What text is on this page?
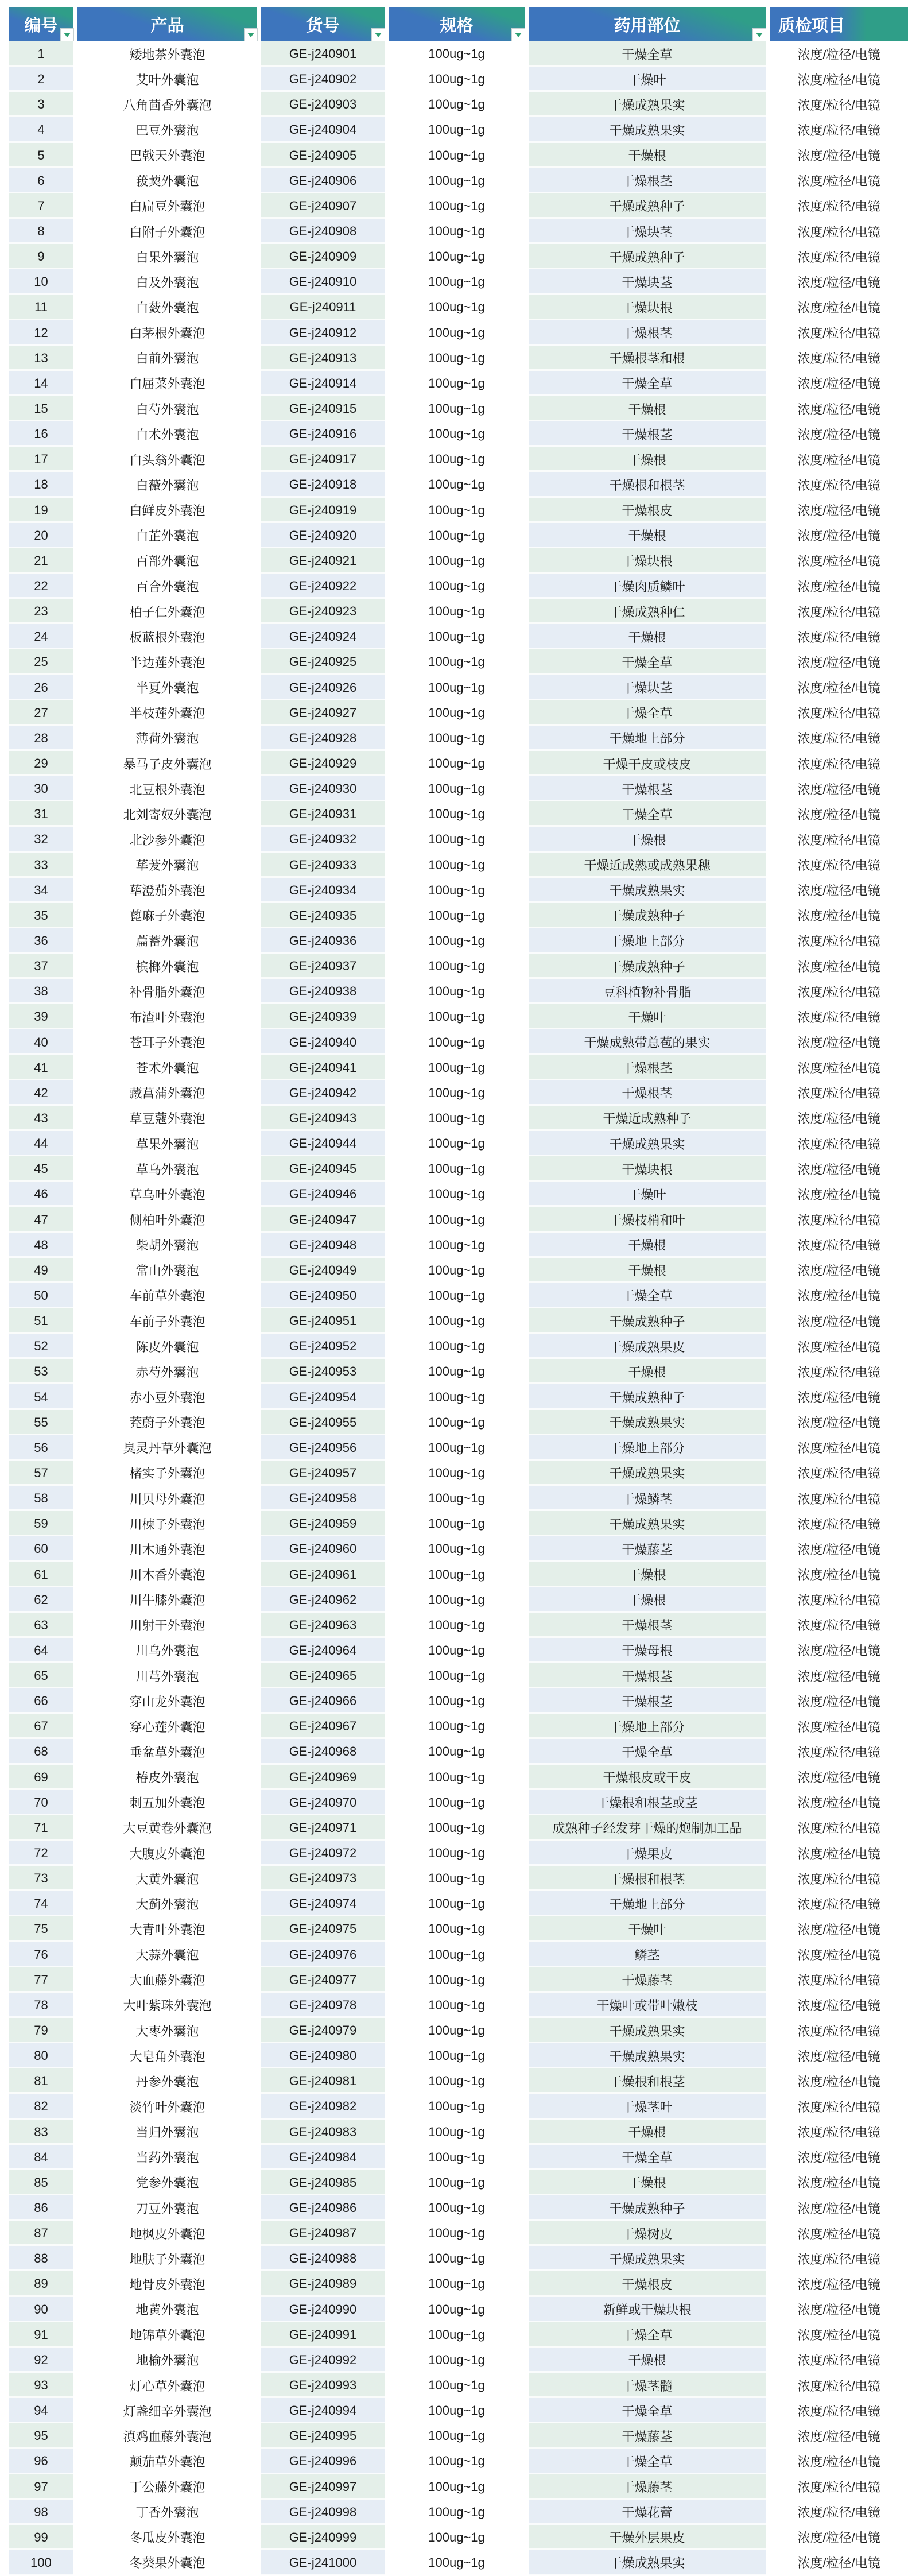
编号	产品	货号	规格	药用部位	质检项目
1	矮地茶外囊泡	GE-j240901	100ug~1g	干燥全草	浓度/粒径/电镜
2	艾叶外囊泡	GE-j240902	100ug~1g	干燥叶	浓度/粒径/电镜
3	八角茴香外囊泡	GE-j240903	100ug~1g	干燥成熟果实	浓度/粒径/电镜
4	巴豆外囊泡	GE-j240904	100ug~1g	干燥成熟果实	浓度/粒径/电镜
5	巴戟天外囊泡	GE-j240905	100ug~1g	干燥根	浓度/粒径/电镜
6	菝葜外囊泡	GE-j240906	100ug~1g	干燥根茎	浓度/粒径/电镜
7	白扁豆外囊泡	GE-j240907	100ug~1g	干燥成熟种子	浓度/粒径/电镜
8	白附子外囊泡	GE-j240908	100ug~1g	干燥块茎	浓度/粒径/电镜
9	白果外囊泡	GE-j240909	100ug~1g	干燥成熟种子	浓度/粒径/电镜
10	白及外囊泡	GE-j240910	100ug~1g	干燥块茎	浓度/粒径/电镜
11	白蔹外囊泡	GE-j240911	100ug~1g	干燥块根	浓度/粒径/电镜
12	白茅根外囊泡	GE-j240912	100ug~1g	干燥根茎	浓度/粒径/电镜
13	白前外囊泡	GE-j240913	100ug~1g	干燥根茎和根	浓度/粒径/电镜
14	白屈菜外囊泡	GE-j240914	100ug~1g	干燥全草	浓度/粒径/电镜
15	白芍外囊泡	GE-j240915	100ug~1g	干燥根	浓度/粒径/电镜
16	白术外囊泡	GE-j240916	100ug~1g	干燥根茎	浓度/粒径/电镜
17	白头翁外囊泡	GE-j240917	100ug~1g	干燥根	浓度/粒径/电镜
18	白薇外囊泡	GE-j240918	100ug~1g	干燥根和根茎	浓度/粒径/电镜
19	白鲜皮外囊泡	GE-j240919	100ug~1g	干燥根皮	浓度/粒径/电镜
20	白芷外囊泡	GE-j240920	100ug~1g	干燥根	浓度/粒径/电镜
21	百部外囊泡	GE-j240921	100ug~1g	干燥块根	浓度/粒径/电镜
22	百合外囊泡	GE-j240922	100ug~1g	干燥肉质鳞叶	浓度/粒径/电镜
23	柏子仁外囊泡	GE-j240923	100ug~1g	干燥成熟种仁	浓度/粒径/电镜
24	板蓝根外囊泡	GE-j240924	100ug~1g	干燥根	浓度/粒径/电镜
25	半边莲外囊泡	GE-j240925	100ug~1g	干燥全草	浓度/粒径/电镜
26	半夏外囊泡	GE-j240926	100ug~1g	干燥块茎	浓度/粒径/电镜
27	半枝莲外囊泡	GE-j240927	100ug~1g	干燥全草	浓度/粒径/电镜
28	薄荷外囊泡	GE-j240928	100ug~1g	干燥地上部分	浓度/粒径/电镜
29	暴马子皮外囊泡	GE-j240929	100ug~1g	干燥干皮或枝皮	浓度/粒径/电镜
30	北豆根外囊泡	GE-j240930	100ug~1g	干燥根茎	浓度/粒径/电镜
31	北刘寄奴外囊泡	GE-j240931	100ug~1g	干燥全草	浓度/粒径/电镜
32	北沙参外囊泡	GE-j240932	100ug~1g	干燥根	浓度/粒径/电镜
33	荜茇外囊泡	GE-j240933	100ug~1g	干燥近成熟或成熟果穗	浓度/粒径/电镜
34	荜澄茄外囊泡	GE-j240934	100ug~1g	干燥成熟果实	浓度/粒径/电镜
35	蓖麻子外囊泡	GE-j240935	100ug~1g	干燥成熟种子	浓度/粒径/电镜
36	萹蓄外囊泡	GE-j240936	100ug~1g	干燥地上部分	浓度/粒径/电镜
37	槟榔外囊泡	GE-j240937	100ug~1g	干燥成熟种子	浓度/粒径/电镜
38	补骨脂外囊泡	GE-j240938	100ug~1g	豆科植物补骨脂	浓度/粒径/电镜
39	布渣叶外囊泡	GE-j240939	100ug~1g	干燥叶	浓度/粒径/电镜
40	苍耳子外囊泡	GE-j240940	100ug~1g	干燥成熟带总苞的果实	浓度/粒径/电镜
41	苍术外囊泡	GE-j240941	100ug~1g	干燥根茎	浓度/粒径/电镜
42	藏菖蒲外囊泡	GE-j240942	100ug~1g	干燥根茎	浓度/粒径/电镜
43	草豆蔻外囊泡	GE-j240943	100ug~1g	干燥近成熟种子	浓度/粒径/电镜
44	草果外囊泡	GE-j240944	100ug~1g	干燥成熟果实	浓度/粒径/电镜
45	草乌外囊泡	GE-j240945	100ug~1g	干燥块根	浓度/粒径/电镜
46	草乌叶外囊泡	GE-j240946	100ug~1g	干燥叶	浓度/粒径/电镜
47	侧柏叶外囊泡	GE-j240947	100ug~1g	干燥枝梢和叶	浓度/粒径/电镜
48	柴胡外囊泡	GE-j240948	100ug~1g	干燥根	浓度/粒径/电镜
49	常山外囊泡	GE-j240949	100ug~1g	干燥根	浓度/粒径/电镜
50	车前草外囊泡	GE-j240950	100ug~1g	干燥全草	浓度/粒径/电镜
51	车前子外囊泡	GE-j240951	100ug~1g	干燥成熟种子	浓度/粒径/电镜
52	陈皮外囊泡	GE-j240952	100ug~1g	干燥成熟果皮	浓度/粒径/电镜
53	赤芍外囊泡	GE-j240953	100ug~1g	干燥根	浓度/粒径/电镜
54	赤小豆外囊泡	GE-j240954	100ug~1g	干燥成熟种子	浓度/粒径/电镜
55	茺蔚子外囊泡	GE-j240955	100ug~1g	干燥成熟果实	浓度/粒径/电镜
56	臭灵丹草外囊泡	GE-j240956	100ug~1g	干燥地上部分	浓度/粒径/电镜
57	楮实子外囊泡	GE-j240957	100ug~1g	干燥成熟果实	浓度/粒径/电镜
58	川贝母外囊泡	GE-j240958	100ug~1g	干燥鳞茎	浓度/粒径/电镜
59	川楝子外囊泡	GE-j240959	100ug~1g	干燥成熟果实	浓度/粒径/电镜
60	川木通外囊泡	GE-j240960	100ug~1g	干燥藤茎	浓度/粒径/电镜
61	川木香外囊泡	GE-j240961	100ug~1g	干燥根	浓度/粒径/电镜
62	川牛膝外囊泡	GE-j240962	100ug~1g	干燥根	浓度/粒径/电镜
63	川射干外囊泡	GE-j240963	100ug~1g	干燥根茎	浓度/粒径/电镜
64	川乌外囊泡	GE-j240964	100ug~1g	干燥母根	浓度/粒径/电镜
65	川芎外囊泡	GE-j240965	100ug~1g	干燥根茎	浓度/粒径/电镜
66	穿山龙外囊泡	GE-j240966	100ug~1g	干燥根茎	浓度/粒径/电镜
67	穿心莲外囊泡	GE-j240967	100ug~1g	干燥地上部分	浓度/粒径/电镜
68	垂盆草外囊泡	GE-j240968	100ug~1g	干燥全草	浓度/粒径/电镜
69	椿皮外囊泡	GE-j240969	100ug~1g	干燥根皮或干皮	浓度/粒径/电镜
70	刺五加外囊泡	GE-j240970	100ug~1g	干燥根和根茎或茎	浓度/粒径/电镜
71	大豆黄卷外囊泡	GE-j240971	100ug~1g	成熟种子经发芽干燥的炮制加工品	浓度/粒径/电镜
72	大腹皮外囊泡	GE-j240972	100ug~1g	干燥果皮	浓度/粒径/电镜
73	大黄外囊泡	GE-j240973	100ug~1g	干燥根和根茎	浓度/粒径/电镜
74	大蓟外囊泡	GE-j240974	100ug~1g	干燥地上部分	浓度/粒径/电镜
75	大青叶外囊泡	GE-j240975	100ug~1g	干燥叶	浓度/粒径/电镜
76	大蒜外囊泡	GE-j240976	100ug~1g	鳞茎	浓度/粒径/电镜
77	大血藤外囊泡	GE-j240977	100ug~1g	干燥藤茎	浓度/粒径/电镜
78	大叶紫珠外囊泡	GE-j240978	100ug~1g	干燥叶或带叶嫩枝	浓度/粒径/电镜
79	大枣外囊泡	GE-j240979	100ug~1g	干燥成熟果实	浓度/粒径/电镜
80	大皂角外囊泡	GE-j240980	100ug~1g	干燥成熟果实	浓度/粒径/电镜
81	丹参外囊泡	GE-j240981	100ug~1g	干燥根和根茎	浓度/粒径/电镜
82	淡竹叶外囊泡	GE-j240982	100ug~1g	干燥茎叶	浓度/粒径/电镜
83	当归外囊泡	GE-j240983	100ug~1g	干燥根	浓度/粒径/电镜
84	当药外囊泡	GE-j240984	100ug~1g	干燥全草	浓度/粒径/电镜
85	党参外囊泡	GE-j240985	100ug~1g	干燥根	浓度/粒径/电镜
86	刀豆外囊泡	GE-j240986	100ug~1g	干燥成熟种子	浓度/粒径/电镜
87	地枫皮外囊泡	GE-j240987	100ug~1g	干燥树皮	浓度/粒径/电镜
88	地肤子外囊泡	GE-j240988	100ug~1g	干燥成熟果实	浓度/粒径/电镜
89	地骨皮外囊泡	GE-j240989	100ug~1g	干燥根皮	浓度/粒径/电镜
90	地黄外囊泡	GE-j240990	100ug~1g	新鲜或干燥块根	浓度/粒径/电镜
91	地锦草外囊泡	GE-j240991	100ug~1g	干燥全草	浓度/粒径/电镜
92	地榆外囊泡	GE-j240992	100ug~1g	干燥根	浓度/粒径/电镜
93	灯心草外囊泡	GE-j240993	100ug~1g	干燥茎髓	浓度/粒径/电镜
94	灯盏细辛外囊泡	GE-j240994	100ug~1g	干燥全草	浓度/粒径/电镜
95	滇鸡血藤外囊泡	GE-j240995	100ug~1g	干燥藤茎	浓度/粒径/电镜
96	颠茄草外囊泡	GE-j240996	100ug~1g	干燥全草	浓度/粒径/电镜
97	丁公藤外囊泡	GE-j240997	100ug~1g	干燥藤茎	浓度/粒径/电镜
98	丁香外囊泡	GE-j240998	100ug~1g	干燥花蕾	浓度/粒径/电镜
99	冬瓜皮外囊泡	GE-j240999	100ug~1g	干燥外层果皮	浓度/粒径/电镜
100	冬葵果外囊泡	GE-j241000	100ug~1g	干燥成熟果实	浓度/粒径/电镜
